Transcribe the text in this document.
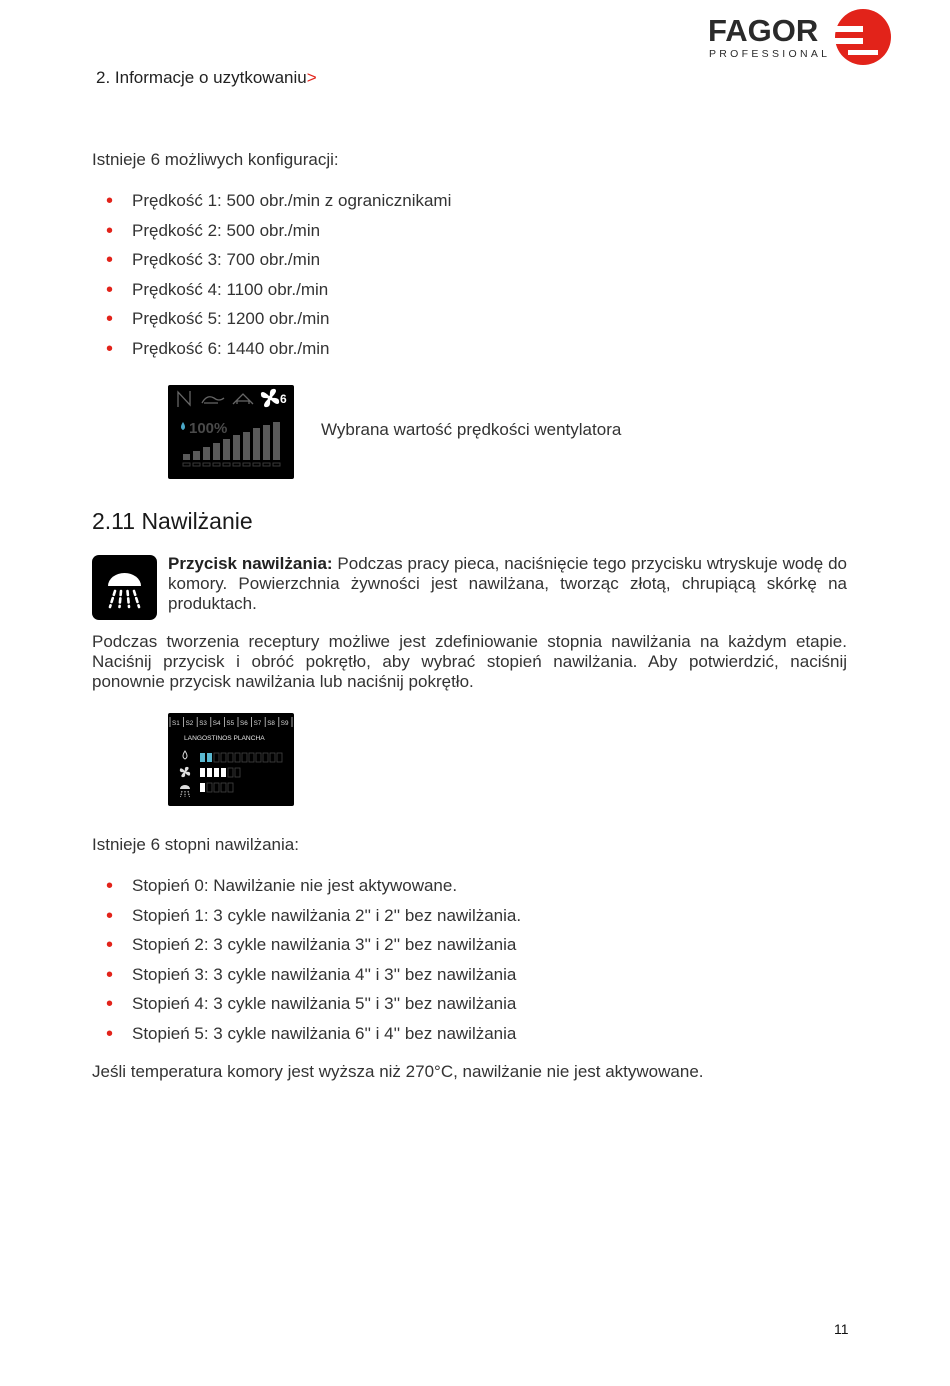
2. Informacje o uzytkowaniu>
FAGOR
PROFESSIONAL
Istnieje 6 możliwych konfiguracji:
• Prędkość 1: 500 obr./min z ogranicznikami
• Prędkość 2: 500 obr./min
• Prędkość 3: 700 obr./min
• Prędkość 4: 1100 obr./min
• Prędkość 5: 1200 obr./min
• Prędkość 6: 1440 obr./min
6
100%	Wybrana wartość prędkości wentylatora
2.11 Nawilżanie
Przycisk nawilżania: Podczas pracy pieca, naciśnięcie tego przycisku wtryskuje wodę do komory. Powierzchnia żywności jest nawilżana, tworząc złotą, chrupiącą skórkę na produktach.
Podczas tworzenia receptury możliwe jest zdefiniowanie stopnia nawilżania na każdym etapie. Naciśnij przycisk i obróć pokrętło, aby wybrać stopień nawilżania. Aby potwierdzić, naciśnij ponownie przycisk nawilżania lub naciśnij pokrętło.
S1 S2 S3 S4 S5 S6 S7 S8 S9
LANGOSTINOS PLANCHA
Istnieje 6 stopni nawilżania:
• Stopień 0: Nawilżanie nie jest aktywowane.
• Stopień 1: 3 cykle nawilżania 2'' i 2'' bez nawilżania.
• Stopień 2: 3 cykle nawilżania 3'' i 2'' bez nawilżania
• Stopień 3: 3 cykle nawilżania 4'' i 3'' bez nawilżania
• Stopień 4: 3 cykle nawilżania 5'' i 3'' bez nawilżania
• Stopień 5: 3 cykle nawilżania 6'' i 4'' bez nawilżania
Jeśli temperatura komory jest wyższa niż 270°C, nawilżanie nie jest aktywowane.
11
